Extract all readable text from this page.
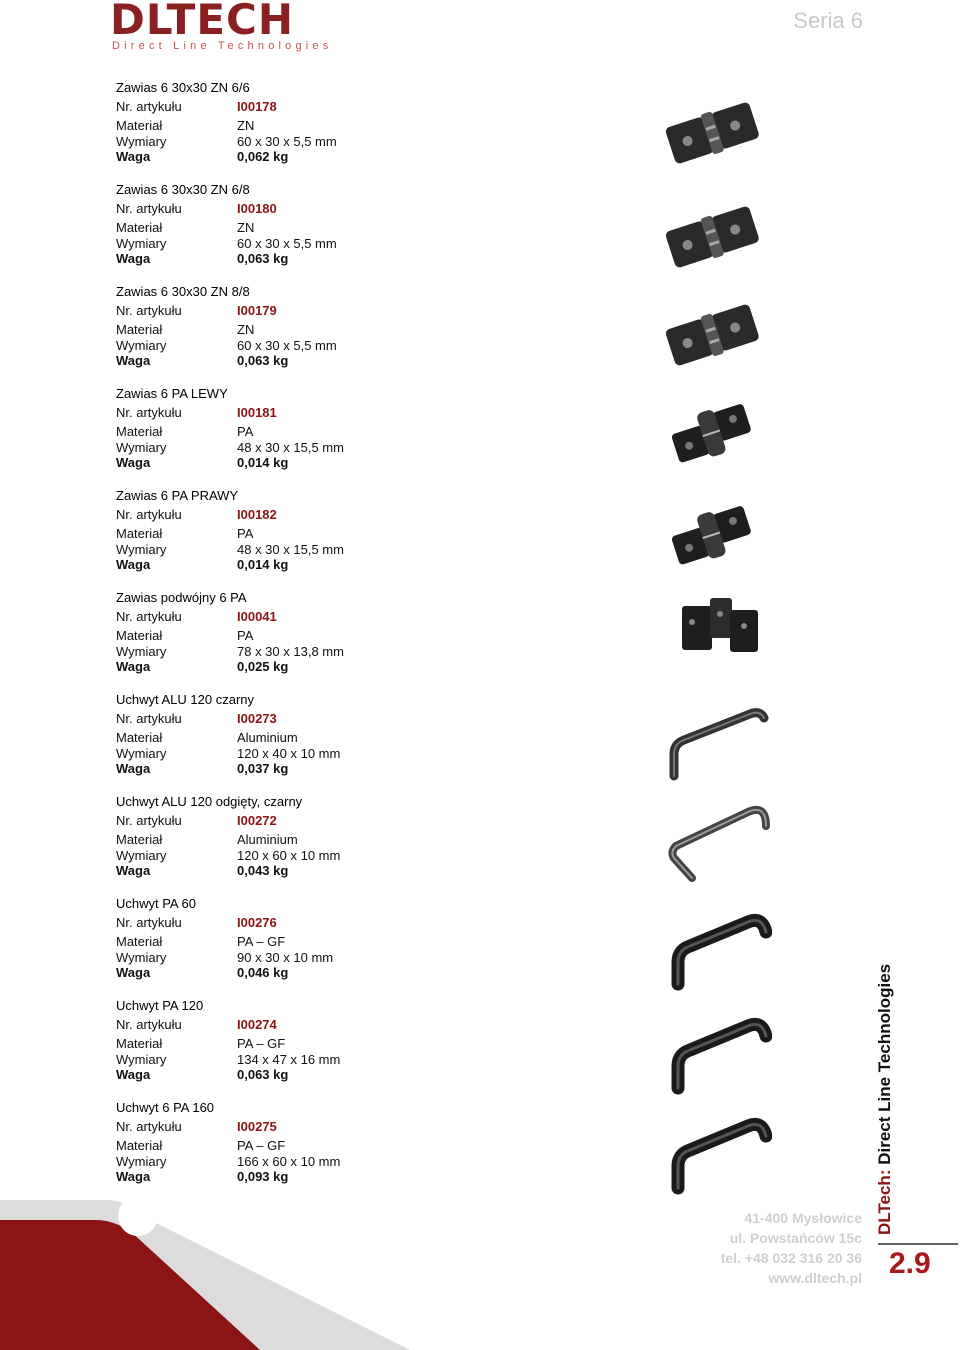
DLTECH
Direct Line Technologies
Seria 6
Zawias 6 30x30 ZN 6/6
Nr. artykułu	I00178
Materiał	ZN
Wymiary	60 x 30 x 5,5 mm
Waga	0,062 kg
Zawias 6 30x30 ZN 6/8
Nr. artykułu	I00180
Materiał	ZN
Wymiary	60 x 30 x 5,5 mm
Waga	0,063 kg
Zawias 6 30x30 ZN 8/8
Nr. artykułu	I00179
Materiał	ZN
Wymiary	60 x 30 x 5,5 mm
Waga	0,063 kg
Zawias 6 PA LEWY
Nr. artykułu	I00181
Materiał	PA
Wymiary	48 x 30 x 15,5 mm
Waga	0,014 kg
Zawias 6 PA PRAWY
Nr. artykułu	I00182
Materiał	PA
Wymiary	48 x 30 x 15,5 mm
Waga	0,014 kg
Zawias podwójny 6 PA
Nr. artykułu	I00041
Materiał	PA
Wymiary	78 x 30 x 13,8 mm
Waga	0,025 kg
Uchwyt ALU 120 czarny
Nr. artykułu	I00273
Materiał	Aluminium
Wymiary	120 x 40 x 10 mm
Waga	0,037 kg
Uchwyt ALU 120 odgięty, czarny
Nr. artykułu	I00272
Materiał	Aluminium
Wymiary	120 x 60 x 10 mm
Waga	0,043 kg
Uchwyt PA 60
Nr. artykułu	I00276
Materiał	PA – GF
Wymiary	90 x 30 x 10 mm
Waga	0,046 kg
Uchwyt PA 120
Nr. artykułu	I00274
Materiał	PA – GF
Wymiary	134 x 47 x 16 mm
Waga	0,063 kg
Uchwyt 6 PA 160
Nr. artykułu	I00275
Materiał	PA – GF
Wymiary	166 x 60 x 10 mm
Waga	0,093 kg
41-400 Mysłowice
ul. Powstańców 15c
tel. +48 032 316 20 36
www.dltech.pl
DLTech: Direct Line Technologies
2.9
